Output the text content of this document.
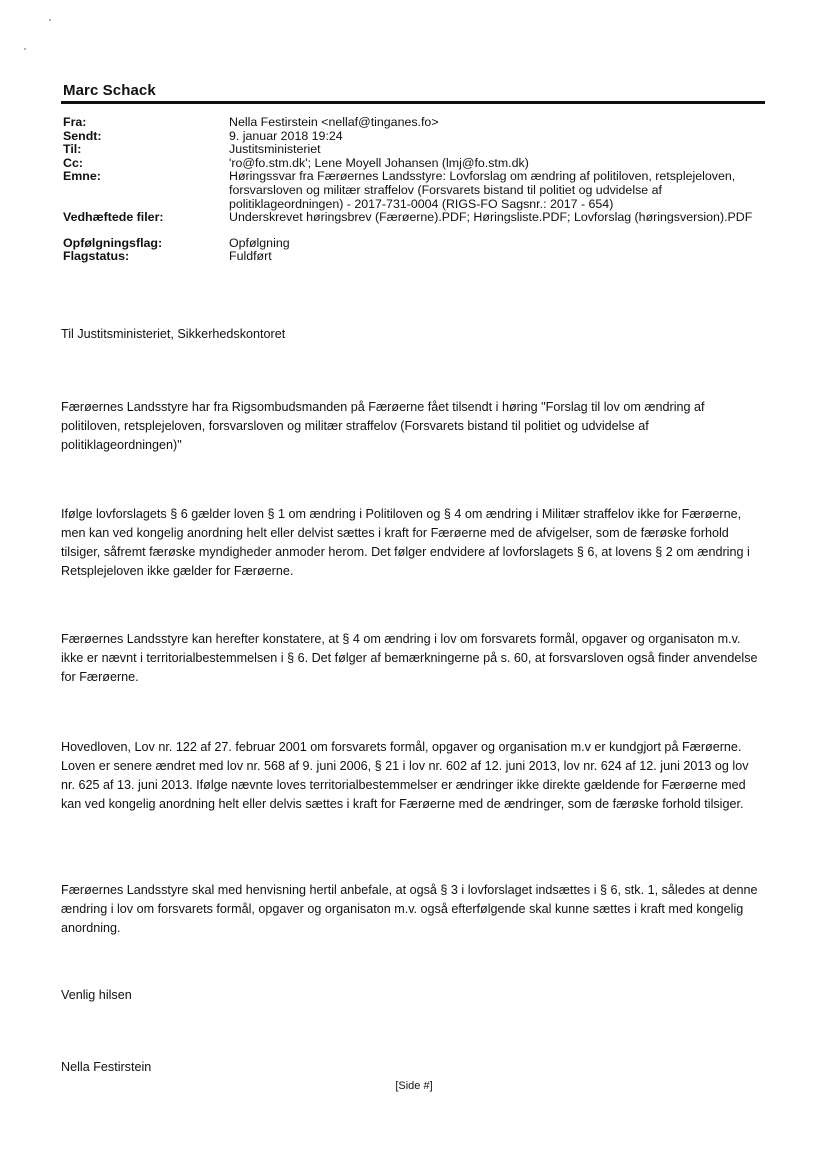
Marc Schack
Fra:	Nella Festirstein <nellaf@tinganes.fo>
Sendt:	9. januar 2018 19:24
Til:	Justitsministeriet
Cc:	'ro@fo.stm.dk'; Lene Moyell Johansen (lmj@fo.stm.dk)
Emne:	Høringssvar fra Færøernes Landsstyre: Lovforslag om ændring af politiloven, retsplejeloven, forsvarsloven og militær straffelov (Forsvarets bistand til politiet og udvidelse af politiklageordningen) - 2017-731-0004 (RIGS-FO Sagsnr.: 2017 - 654)
Vedhæftede filer:	Underskrevet høringsbrev (Færøerne).PDF; Høringsliste.PDF; Lovforslag (høringsversion).PDF
Opfølgningsflag:	Opfølgning
Flagstatus:	Fuldført
Til Justitsministeriet, Sikkerhedskontoret
Færøernes Landsstyre har fra Rigsombudsmanden på Færøerne fået tilsendt i høring "Forslag til lov om ændring af politiloven, retsplejeloven, forsvarsloven og militær straffelov (Forsvarets bistand til politiet og udvidelse af politiklageordningen)"
Ifølge lovforslagets § 6 gælder loven § 1 om ændring i Politiloven og § 4 om ændring i Militær straffelov ikke for Færøerne, men kan ved kongelig anordning helt eller delvist sættes i kraft for Færøerne med de afvigelser, som de færøske forhold tilsiger, såfremt færøske myndigheder anmoder herom. Det følger endvidere af lovforslagets § 6, at lovens § 2 om ændring i Retsplejeloven ikke gælder for Færøerne.
Færøernes Landsstyre kan herefter konstatere, at § 4 om ændring i lov om forsvarets formål, opgaver og organisaton m.v. ikke er nævnt i territorialbestemmelsen i § 6. Det følger af bemærkningerne på s. 60, at forsvarsloven også finder anvendelse for Færøerne.
Hovedloven, Lov nr. 122 af 27. februar 2001 om forsvarets formål, opgaver og organisation m.v er kundgjort på Færøerne. Loven er senere ændret med lov nr. 568 af 9. juni 2006, § 21 i lov nr. 602 af 12. juni 2013, lov nr. 624 af 12. juni 2013 og lov nr. 625 af 13. juni 2013. Ifølge nævnte loves territorialbestemmelser er ændringer ikke direkte gældende for Færøerne med kan ved kongelig anordning helt eller delvis sættes i kraft for Færøerne med de ændringer, som de færøske forhold tilsiger.
Færøernes Landsstyre skal med henvisning hertil anbefale, at også § 3 i lovforslaget indsættes i § 6, stk. 1, således at denne ændring i lov om forsvarets formål, opgaver og organisaton m.v. også efterfølgende skal kunne sættes i kraft med kongelig anordning.
Venlig hilsen
Nella Festirstein
[Side #]
